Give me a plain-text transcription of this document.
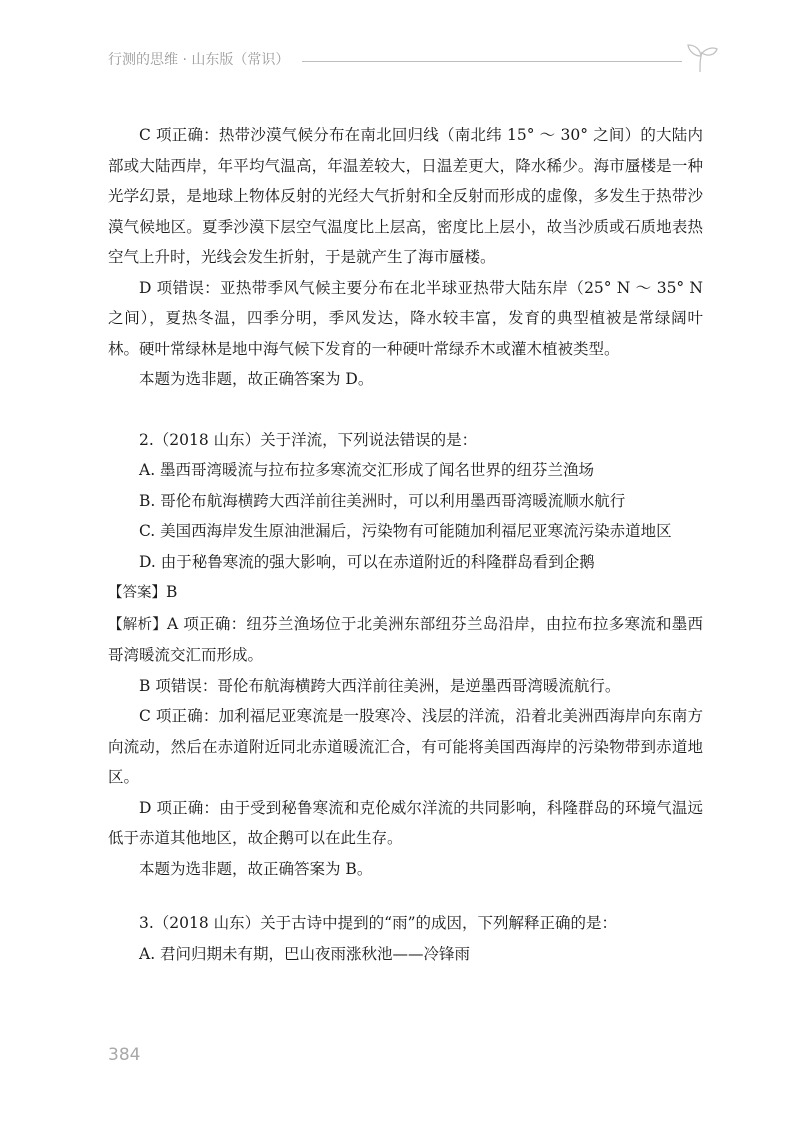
行测的思维 · 山东版（常识）

C 项正确：热带沙漠气候分布在南北回归线（南北纬 15° ～ 30° 之间）的大陆内部或大陆西岸，年平均气温高，年温差较大，日温差更大，降水稀少。海市蜃楼是一种光学幻景，是地球上物体反射的光经大气折射和全反射而形成的虚像，多发生于热带沙漠气候地区。夏季沙漠下层空气温度比上层高，密度比上层小，故当沙质或石质地表热空气上升时，光线会发生折射，于是就产生了海市蜃楼。

D 项错误：亚热带季风气候主要分布在北半球亚热带大陆东岸（25° N ～ 35° N 之间），夏热冬温，四季分明，季风发达，降水较丰富，发育的典型植被是常绿阔叶林。硬叶常绿林是地中海气候下发育的一种硬叶常绿乔木或灌木植被类型。

本题为选非题，故正确答案为 D。

2.（2018 山东）关于洋流，下列说法错误的是：

A. 墨西哥湾暖流与拉布拉多寒流交汇形成了闻名世界的纽芬兰渔场

B. 哥伦布航海横跨大西洋前往美洲时，可以利用墨西哥湾暖流顺水航行

C. 美国西海岸发生原油泄漏后，污染物有可能随加利福尼亚寒流污染赤道地区

D. 由于秘鲁寒流的强大影响，可以在赤道附近的科隆群岛看到企鹅

【答案】B

【解析】A 项正确：纽芬兰渔场位于北美洲东部纽芬兰岛沿岸，由拉布拉多寒流和墨西哥湾暖流交汇而形成。

B 项错误：哥伦布航海横跨大西洋前往美洲，是逆墨西哥湾暖流航行。

C 项正确：加利福尼亚寒流是一股寒冷、浅层的洋流，沿着北美洲西海岸向东南方向流动，然后在赤道附近同北赤道暖流汇合，有可能将美国西海岸的污染物带到赤道地区。

D 项正确：由于受到秘鲁寒流和克伦威尔洋流的共同影响，科隆群岛的环境气温远低于赤道其他地区，故企鹅可以在此生存。

本题为选非题，故正确答案为 B。

3.（2018 山东）关于古诗中提到的“雨”的成因，下列解释正确的是：

A. 君问归期未有期，巴山夜雨涨秋池——冷锋雨

384
